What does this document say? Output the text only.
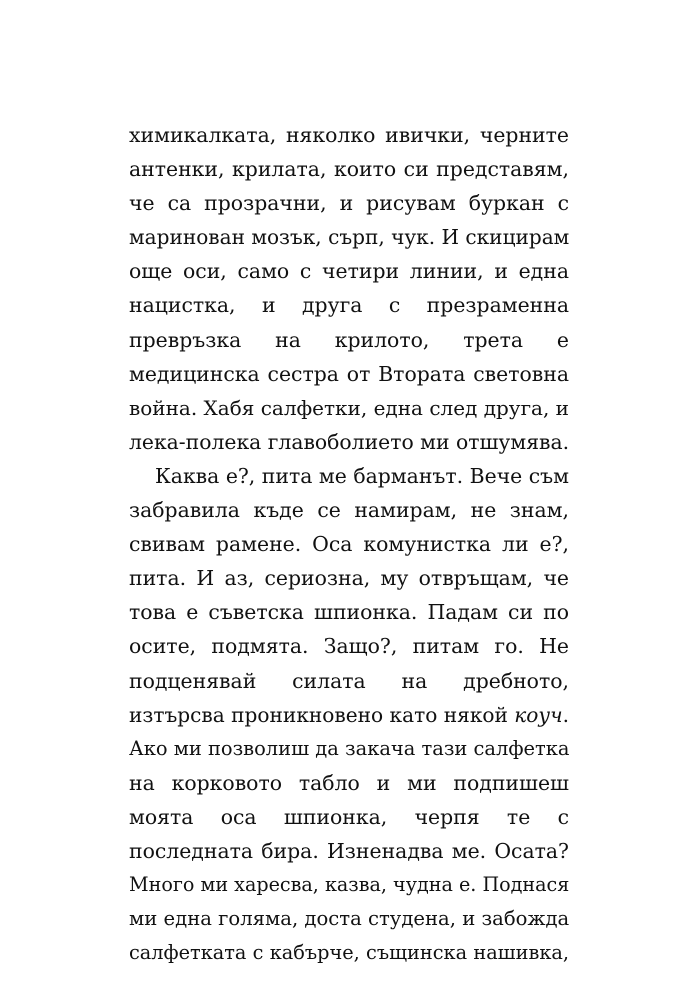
химикалката, няколко ивички, черните
антенки, крилата, които си представям,
че са прозрачни, и рисувам буркан с
маринован мозък, сърп, чук. И скицирам
още оси, само с четири линии, и една
нацистка, и друга с презраменна
превръзка на крилото, трета е
медицинска сестра от Втората световна
война. Хабя салфетки, една след друга, и
лека-полека главоболието ми отшумява.
Каква е?, пита ме барманът. Вече съм
забравила къде се намирам, не знам,
свивам рамене. Оса комунистка ли е?,
пита. И аз, сериозна, му отвръщам, че
това е съветска шпионка. Падам си по
осите, подмята. Защо?, питам го. Не
подценявай силата на дребното,
изтърсва проникновено като някой коуч.
Ако ми позволиш да закача тази салфетка
на корковото табло и ми подпишеш
моята оса шпионка, черпя те с
последната бира. Изненадва ме. Осата?
Много ми харесва, казва, чудна е. Поднася
ми една голяма, доста студена, и забожда
салфетката с кабърче, същинска нашивка,
